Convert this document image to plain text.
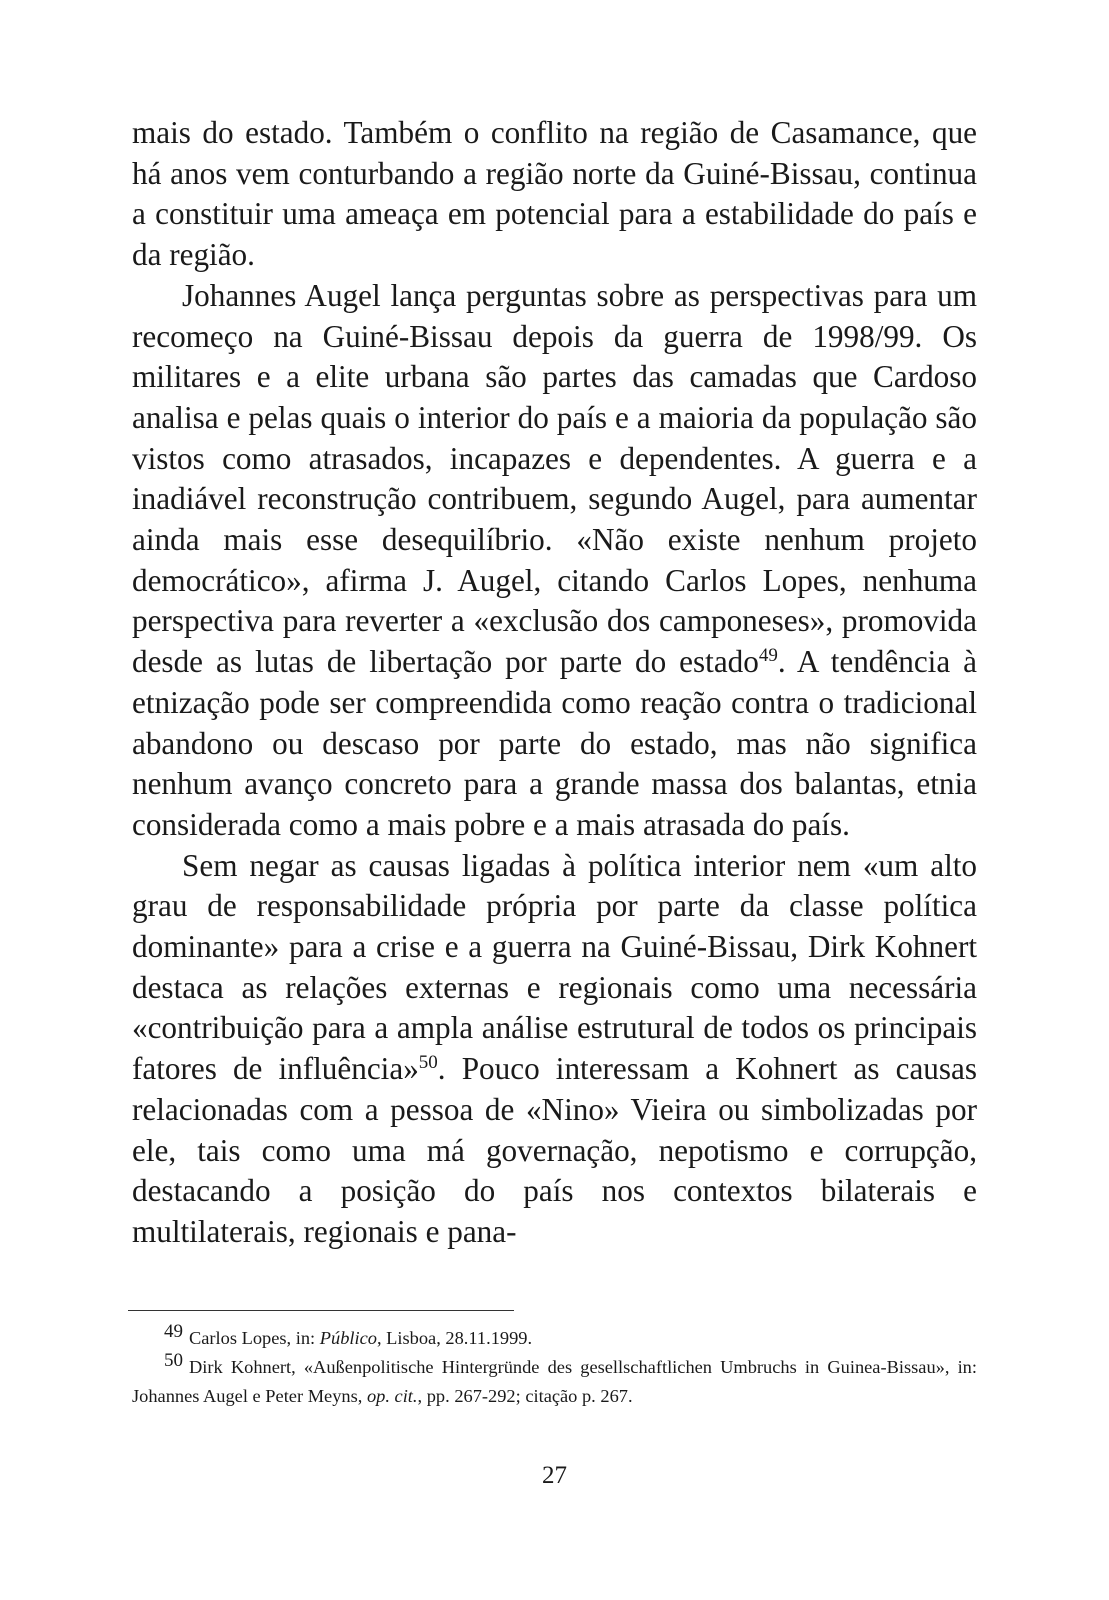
mais do estado. Também o conflito na região de Casamance, que há anos vem conturbando a região norte da Guiné-Bissau, continua a constituir uma ameaça em potencial para a estabilidade do país e da região.

Johannes Augel lança perguntas sobre as perspectivas para um recomeço na Guiné-Bissau depois da guerra de 1998/99. Os militares e a elite urbana são partes das camadas que Cardoso analisa e pelas quais o interior do país e a maioria da população são vistos como atrasados, incapazes e dependentes. A guerra e a inadiável reconstrução contribuem, segundo Augel, para aumentar ainda mais esse desequilíbrio. «Não existe nenhum projeto democrático», afirma J. Augel, citando Carlos Lopes, nenhuma perspectiva para reverter a «exclusão dos camponeses», promovida desde as lutas de libertação por parte do estado$^{49}$. A tendência à etnização pode ser compreendida como reação contra o tradicional abandono ou descaso por parte do estado, mas não significa nenhum avanço concreto para a grande massa dos balantas, etnia considerada como a mais pobre e a mais atrasada do país.

Sem negar as causas ligadas à política interior nem «um alto grau de responsabilidade própria por parte da classe política dominante» para a crise e a guerra na Guiné-Bissau, Dirk Kohnert destaca as relações externas e regionais como uma necessária «contribuição para a ampla análise estrutural de todos os principais fatores de influência»$^{50}$. Pouco interessam a Kohnert as causas relacionadas com a pessoa de «Nino» Vieira ou simbolizadas por ele, tais como uma má governação, nepotismo e corrupção, destacando a posição do país nos contextos bilaterais e multilaterais, regionais e pana-

$^{49}$ Carlos Lopes, in: Público, Lisboa, 28.11.1999.

$^{50}$ Dirk Kohnert, «Außenpolitische Hintergründe des gesellschaftlichen Umbruchs in Guinea-Bissau», in: Johannes Augel e Peter Meyns, op. cit., pp. 267-292; citação p. 267.

27
